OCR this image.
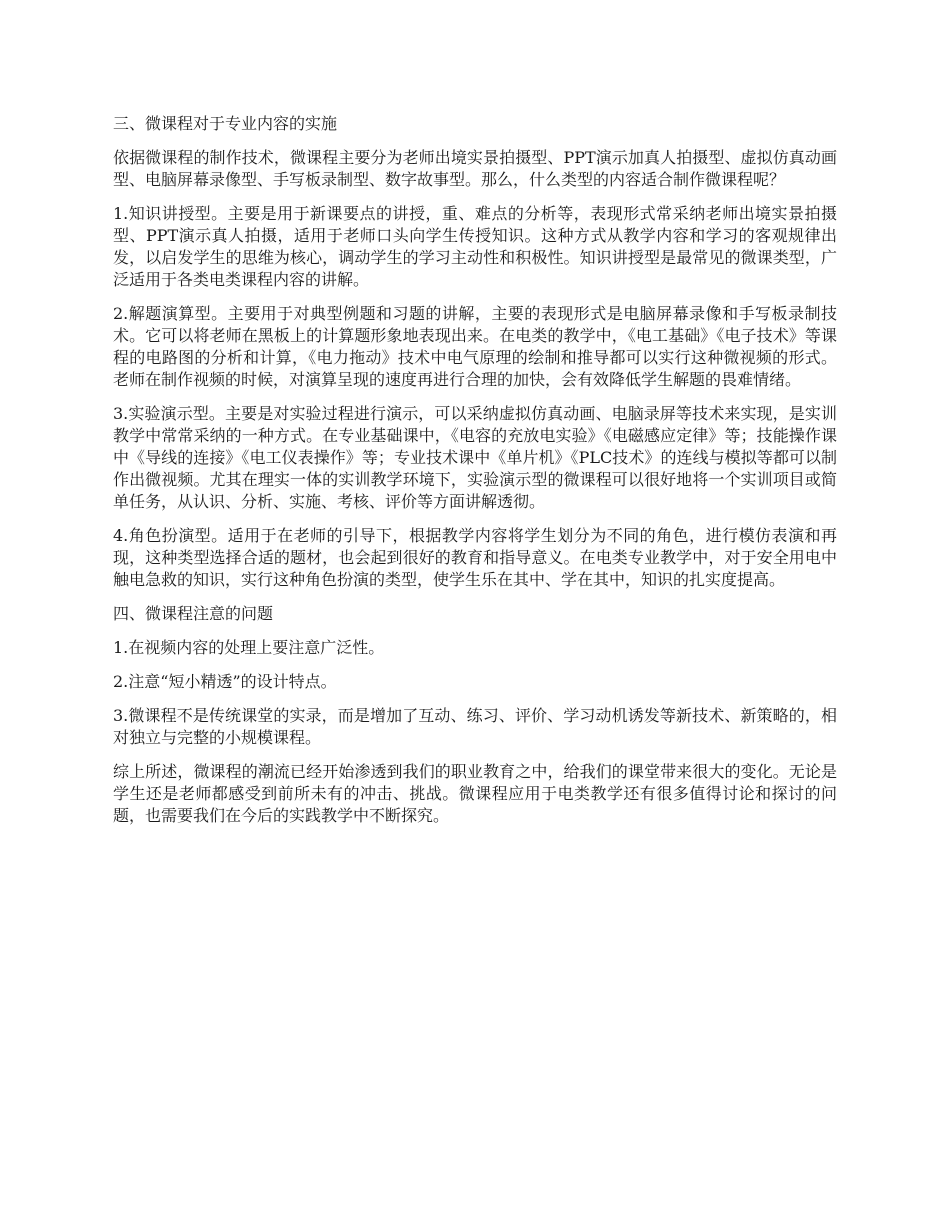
三、微课程对于专业内容的实施

依据微课程的制作技术，微课程主要分为老师出境实景拍摄型、PPT演示加真人拍摄型、虚拟仿真动画型、电脑屏幕录像型、手写板录制型、数字故事型。那么，什么类型的内容适合制作微课程呢？

1.知识讲授型。主要是用于新课要点的讲授，重、难点的分析等，表现形式常采纳老师出境实景拍摄型、PPT演示真人拍摄，适用于老师口头向学生传授知识。这种方式从教学内容和学习的客观规律出发，以启发学生的思维为核心，调动学生的学习主动性和积极性。知识讲授型是最常见的微课类型，广泛适用于各类电类课程内容的讲解。

2.解题演算型。主要用于对典型例题和习题的讲解，主要的表现形式是电脑屏幕录像和手写板录制技术。它可以将老师在黑板上的计算题形象地表现出来。在电类的教学中，《电工基础》《电子技术》等课程的电路图的分析和计算，《电力拖动》技术中电气原理的绘制和推导都可以实行这种微视频的形式。老师在制作视频的时候，对演算呈现的速度再进行合理的加快，会有效降低学生解题的畏难情绪。

3.实验演示型。主要是对实验过程进行演示，可以采纳虚拟仿真动画、电脑录屏等技术来实现，是实训教学中常常采纳的一种方式。在专业基础课中，《电容的充放电实验》《电磁感应定律》等；技能操作课中《导线的连接》《电工仪表操作》等；专业技术课中《单片机》《PLC技术》的连线与模拟等都可以制作出微视频。尤其在理实一体的实训教学环境下，实验演示型的微课程可以很好地将一个实训项目或简单任务，从认识、分析、实施、考核、评价等方面讲解透彻。

4.角色扮演型。适用于在老师的引导下，根据教学内容将学生划分为不同的角色，进行模仿表演和再现，这种类型选择合适的题材，也会起到很好的教育和指导意义。在电类专业教学中，对于安全用电中触电急救的知识，实行这种角色扮演的类型，使学生乐在其中、学在其中，知识的扎实度提高。

四、微课程注意的问题

1.在视频内容的处理上要注意广泛性。

2.注意“短小精透”的设计特点。

3.微课程不是传统课堂的实录，而是增加了互动、练习、评价、学习动机诱发等新技术、新策略的，相对独立与完整的小规模课程。

综上所述，微课程的潮流已经开始渗透到我们的职业教育之中，给我们的课堂带来很大的变化。无论是学生还是老师都感受到前所未有的冲击、挑战。微课程应用于电类教学还有很多值得讨论和探讨的问题，也需要我们在今后的实践教学中不断探究。
